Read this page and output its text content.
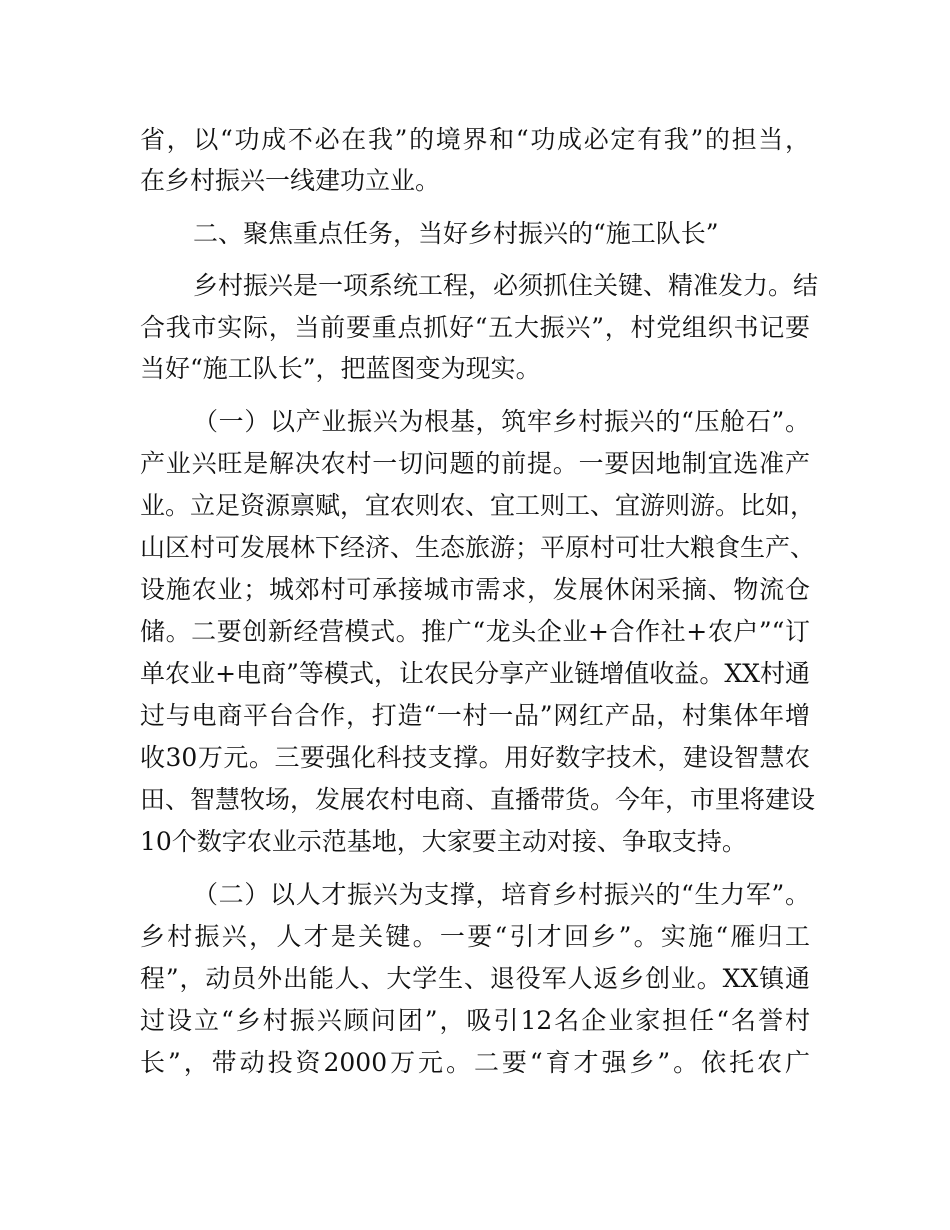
省，以“功成不必在我”的境界和“功成必定有我”的担当，
在乡村振兴一线建功立业。
二、聚焦重点任务，当好乡村振兴的“施工队长”
乡村振兴是一项系统工程，必须抓住关键、精准发力。结
合我市实际，当前要重点抓好“五大振兴”，村党组织书记要
当好“施工队长”，把蓝图变为现实。
（一）以产业振兴为根基，筑牢乡村振兴的“压舱石”。
产业兴旺是解决农村一切问题的前提。一要因地制宜选准产
业。立足资源禀赋，宜农则农、宜工则工、宜游则游。比如，
山区村可发展林下经济、生态旅游；平原村可壮大粮食生产、
设施农业；城郊村可承接城市需求，发展休闲采摘、物流仓
储。二要创新经营模式。推广“龙头企业+合作社+农户”“订
单农业+电商”等模式，让农民分享产业链增值收益。XX村通
过与电商平台合作，打造“一村一品”网红产品，村集体年增
收30万元。三要强化科技支撑。用好数字技术，建设智慧农
田、智慧牧场，发展农村电商、直播带货。今年，市里将建设
10个数字农业示范基地，大家要主动对接、争取支持。
（二）以人才振兴为支撑，培育乡村振兴的“生力军”。
乡村振兴，人才是关键。一要“引才回乡”。实施“雁归工
程”，动员外出能人、大学生、退役军人返乡创业。XX镇通
过设立“乡村振兴顾问团”，吸引12名企业家担任“名誉村
长”，带动投资2000万元。二要“育才强乡”。依托农广
